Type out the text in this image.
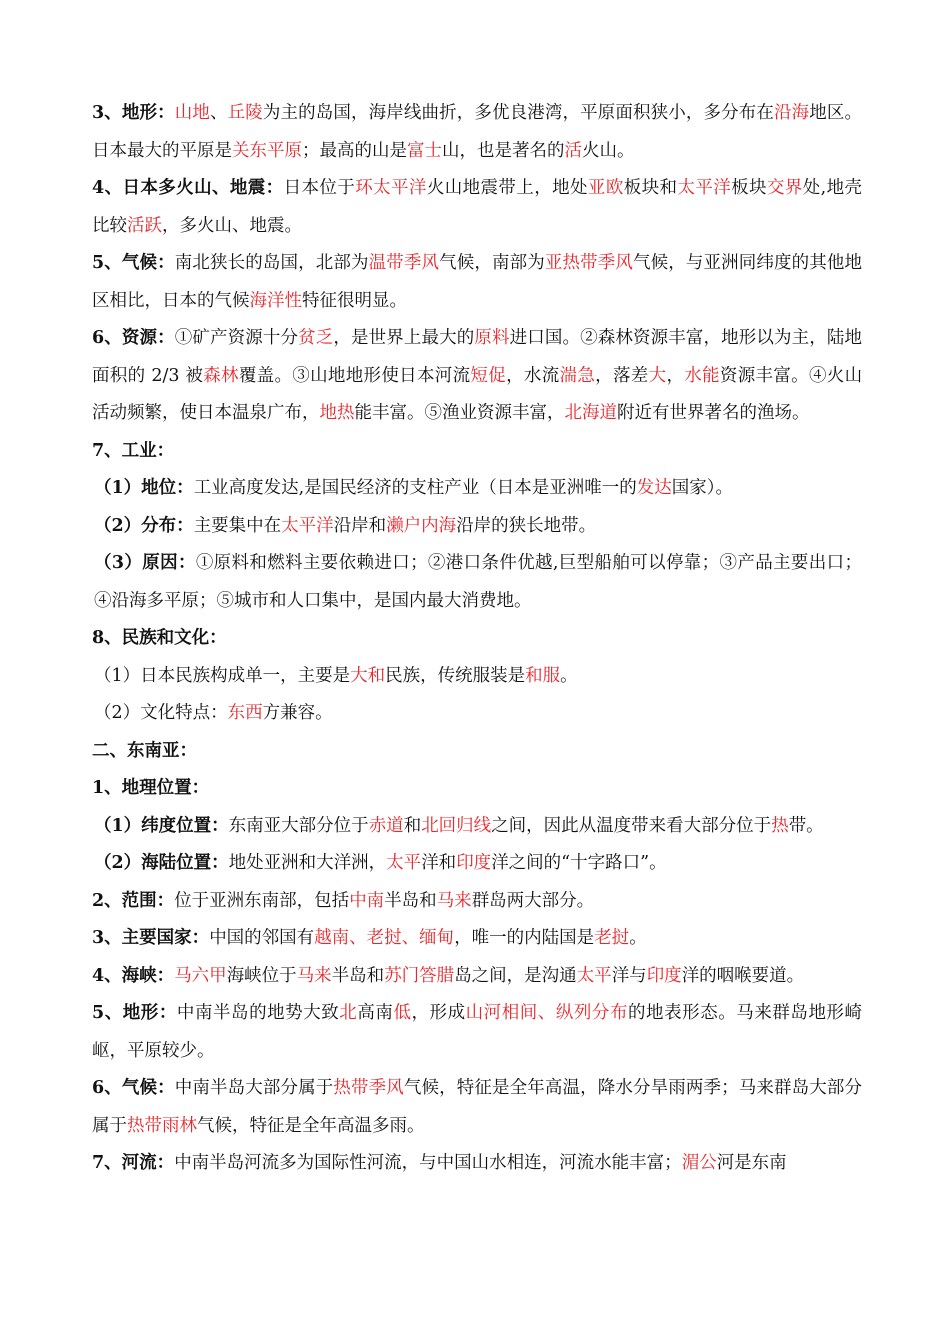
3、地形：山地、丘陵为主的岛国，海岸线曲折，多优良港湾，平原面积狭小，多分布在沿海地区。日本最大的平原是关东平原；最高的山是富士山，也是著名的活火山。

4、日本多火山、地震：日本位于环太平洋火山地震带上，地处亚欧板块和太平洋板块交界处,地壳比较活跃，多火山、地震。

5、气候：南北狭长的岛国，北部为温带季风气候，南部为亚热带季风气候，与亚洲同纬度的其他地区相比，日本的气候海洋性特征很明显。

6、资源：①矿产资源十分贫乏，是世界上最大的原料进口国。②森林资源丰富，地形以为主，陆地面积的 2/3 被森林覆盖。③山地地形使日本河流短促，水流湍急，落差大，水能资源丰富。④火山活动频繁，使日本温泉广布，地热能丰富。⑤渔业资源丰富，北海道附近有世界著名的渔场。

7、工业：

（1）地位：工业高度发达,是国民经济的支柱产业（日本是亚洲唯一的发达国家）。

（2）分布：主要集中在太平洋沿岸和濑户内海沿岸的狭长地带。

（3）原因：①原料和燃料主要依赖进口；②港口条件优越,巨型船舶可以停靠；③产品主要出口；④沿海多平原；⑤城市和人口集中，是国内最大消费地。

8、民族和文化：

（1）日本民族构成单一，主要是大和民族，传统服装是和服。

（2）文化特点：东西方兼容。

二、东南亚：

1、地理位置：

（1）纬度位置：东南亚大部分位于赤道和北回归线之间，因此从温度带来看大部分位于热带。

（2）海陆位置：地处亚洲和大洋洲，太平洋和印度洋之间的“十字路口”。

2、范围：位于亚洲东南部，包括中南半岛和马来群岛两大部分。

3、主要国家：中国的邻国有越南、老挝、缅甸，唯一的内陆国是老挝。

4、海峡：马六甲海峡位于马来半岛和苏门答腊岛之间，是沟通太平洋与印度洋的咽喉要道。

5、地形：中南半岛的地势大致北高南低，形成山河相间、纵列分布的地表形态。马来群岛地形崎岖，平原较少。

6、气候：中南半岛大部分属于热带季风气候，特征是全年高温，降水分旱雨两季；马来群岛大部分属于热带雨林气候，特征是全年高温多雨。

7、河流：中南半岛河流多为国际性河流，与中国山水相连，河流水能丰富；湄公河是东南
